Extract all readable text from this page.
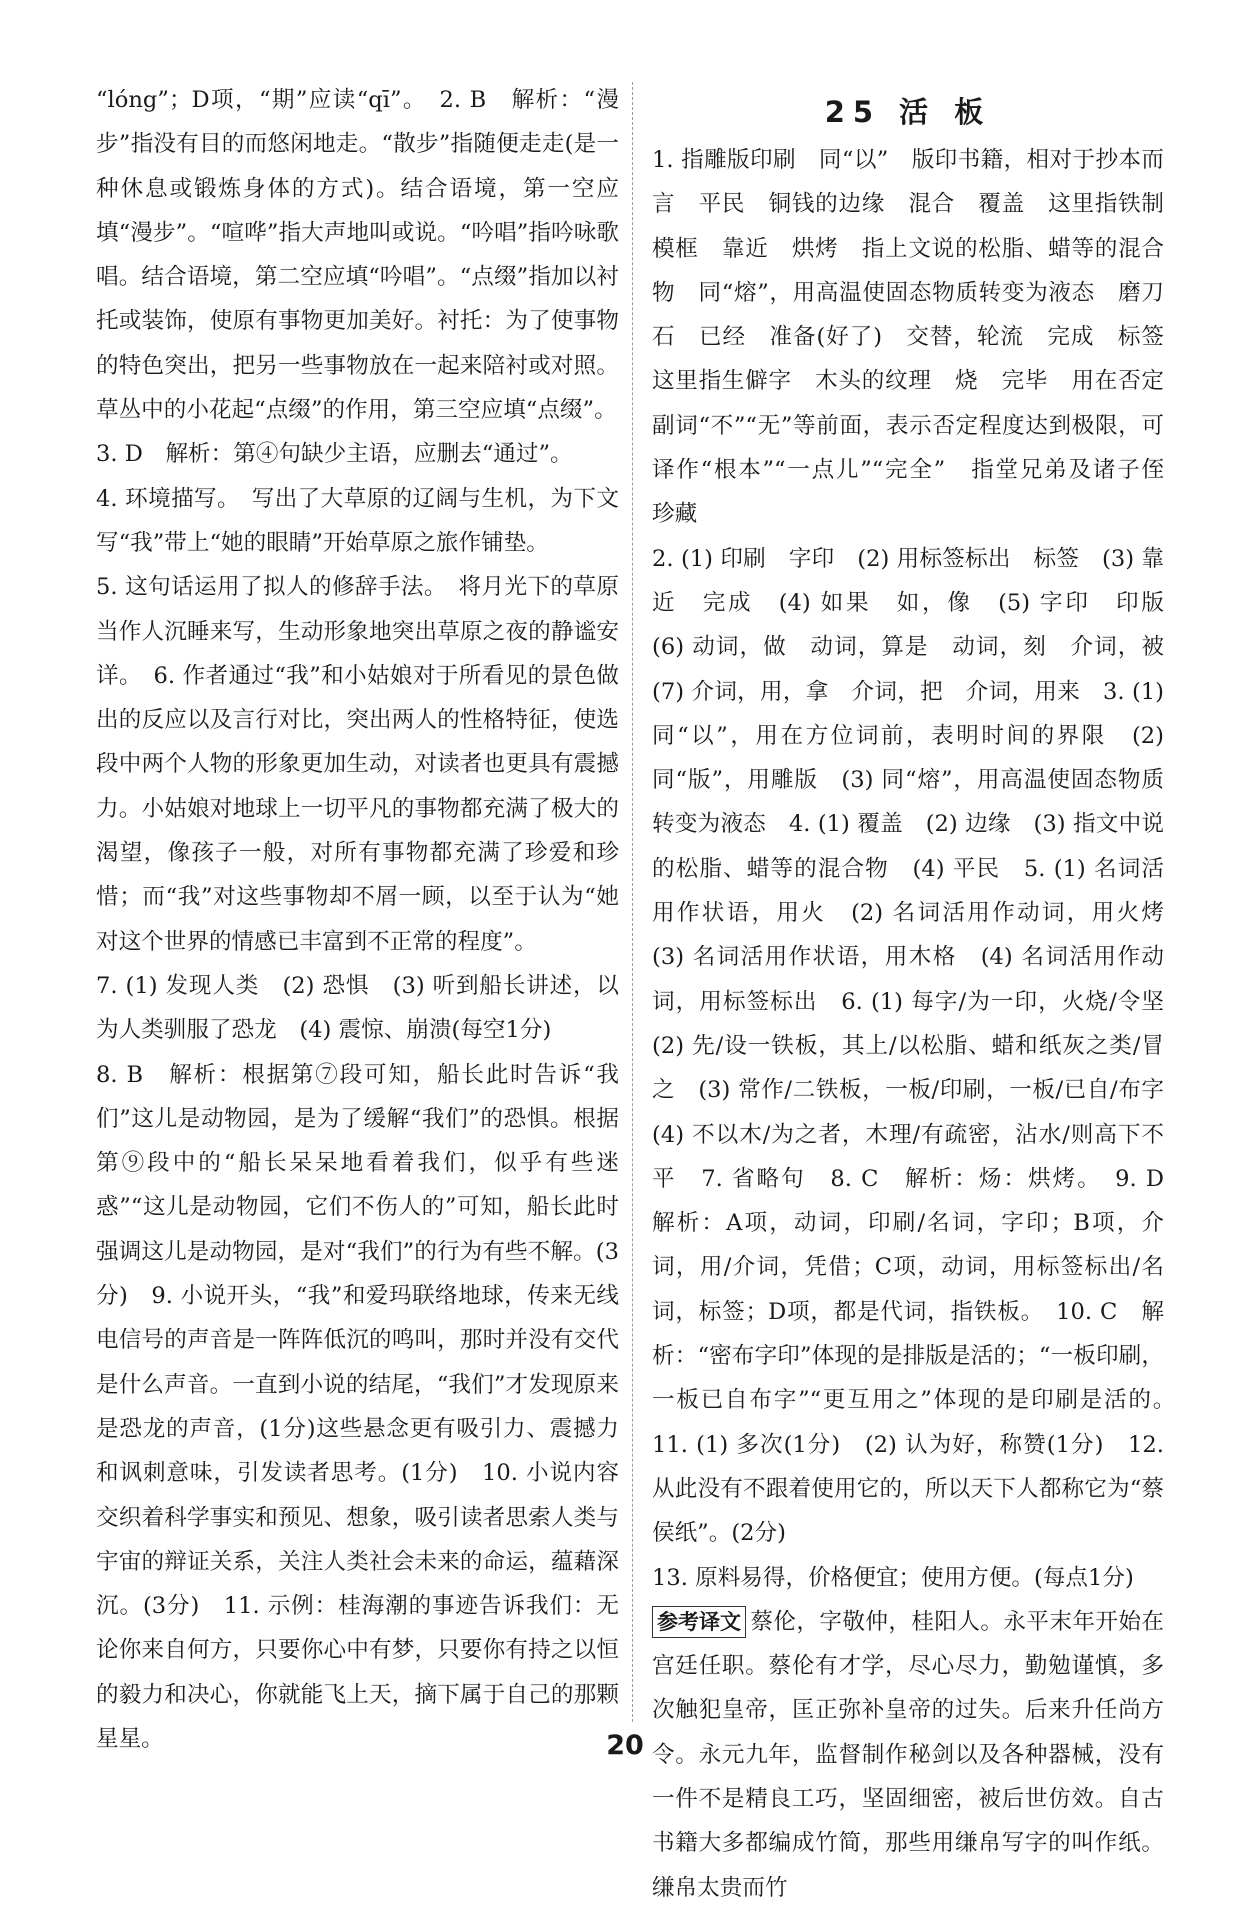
“lóng”；D项，“期”应读“qī”。　2. B　解析：“漫步”指没有目的而悠闲地走。“散步”指随便走走(是一种休息或锻炼身体的方式)。结合语境，第一空应填“漫步”。“喧哗”指大声地叫或说。“吟唱”指吟咏歌唱。结合语境，第二空应填“吟唱”。“点缀”指加以衬托或装饰，使原有事物更加美好。衬托：为了使事物的特色突出，把另一些事物放在一起来陪衬或对照。草丛中的小花起“点缀”的作用，第三空应填“点缀”。

3. D　解析：第④句缺少主语，应删去“通过”。

4. 环境描写。　写出了大草原的辽阔与生机，为下文写“我”带上“她的眼睛”开始草原之旅作铺垫。

5. 这句话运用了拟人的修辞手法。　将月光下的草原当作人沉睡来写，生动形象地突出草原之夜的静谧安详。　6. 作者通过“我”和小姑娘对于所看见的景色做出的反应以及言行对比，突出两人的性格特征，使选段中两个人物的形象更加生动，对读者也更具有震撼力。小姑娘对地球上一切平凡的事物都充满了极大的渴望，像孩子一般，对所有事物都充满了珍爱和珍惜；而“我”对这些事物却不屑一顾，以至于认为“她对这个世界的情感已丰富到不正常的程度”。

7. (1) 发现人类　(2) 恐惧　(3) 听到船长讲述，以为人类驯服了恐龙　(4) 震惊、崩溃(每空1分)

8. B　解析：根据第⑦段可知，船长此时告诉“我们”这儿是动物园，是为了缓解“我们”的恐惧。根据第⑨段中的“船长呆呆地看着我们，似乎有些迷惑”“这儿是动物园，它们不伤人的”可知，船长此时强调这儿是动物园，是对“我们”的行为有些不解。(3分)　9. 小说开头，“我”和爱玛联络地球，传来无线电信号的声音是一阵阵低沉的鸣叫，那时并没有交代是什么声音。一直到小说的结尾，“我们”才发现原来是恐龙的声音，(1分)这些悬念更有吸引力、震撼力和讽刺意味，引发读者思考。(1分)　10. 小说内容交织着科学事实和预见、想象，吸引读者思索人类与宇宙的辩证关系，关注人类社会未来的命运，蕴藉深沉。(3分)　11. 示例：桂海潮的事迹告诉我们：无论你来自何方，只要你心中有梦，只要你有持之以恒的毅力和决心，你就能飞上天，摘下属于自己的那颗星星。

25 活 板

1. 指雕版印刷　同“以”　版印书籍，相对于抄本而言　平民　铜钱的边缘　混合　覆盖　这里指铁制模框　靠近　烘烤　指上文说的松脂、蜡等的混合物　同“熔”，用高温使固态物质转变为液态　磨刀石　已经　准备(好了)　交替，轮流　完成　标签　这里指生僻字　木头的纹理　烧　完毕　用在否定副词“不”“无”等前面，表示否定程度达到极限，可译作“根本”“一点儿”“完全”　指堂兄弟及诸子侄　珍藏

2. (1) 印刷　字印　(2) 用标签标出　标签　(3) 靠近　完成　(4) 如果　如，像　(5) 字印　印版　(6) 动词，做　动词，算是　动词，刻　介词，被　(7) 介词，用，拿　介词，把　介词，用来　3. (1) 同“以”，用在方位词前，表明时间的界限　(2) 同“版”，用雕版　(3) 同“熔”，用高温使固态物质转变为液态　4. (1) 覆盖　(2) 边缘　(3) 指文中说的松脂、蜡等的混合物　(4) 平民　5. (1) 名词活用作状语，用火　(2) 名词活用作动词，用火烤　(3) 名词活用作状语，用木格　(4) 名词活用作动词，用标签标出　6. (1) 每字/为一印，火烧/令坚　(2) 先/设一铁板，其上/以松脂、蜡和纸灰之类/冒之　(3) 常作/二铁板，一板/印刷，一板/已自/布字　(4) 不以木/为之者，木理/有疏密，沾水/则高下不平　7. 省略句　8. C　解析：炀：烘烤。　9. D　解析：A项，动词，印刷/名词，字印；B项，介词，用/介词，凭借；C项，动词，用标签标出/名词，标签；D项，都是代词，指铁板。　10. C　解析：“密布字印”体现的是排版是活的；“一板印刷，一板已自布字”“更互用之”体现的是印刷是活的。　11. (1) 多次(1分)　(2) 认为好，称赞(1分)　12. 从此没有不跟着使用它的，所以天下人都称它为“蔡侯纸”。(2分)

13. 原料易得，价格便宜；使用方便。(每点1分)

参考译文 蔡伦，字敬仲，桂阳人。永平末年开始在宫廷任职。蔡伦有才学，尽心尽力，勤勉谨慎，多次触犯皇帝，匡正弥补皇帝的过失。后来升任尚方令。永元九年，监督制作秘剑以及各种器械，没有一件不是精良工巧，坚固细密，被后世仿效。自古书籍大多都编成竹简，那些用缣帛写字的叫作纸。缣帛太贵而竹

20
